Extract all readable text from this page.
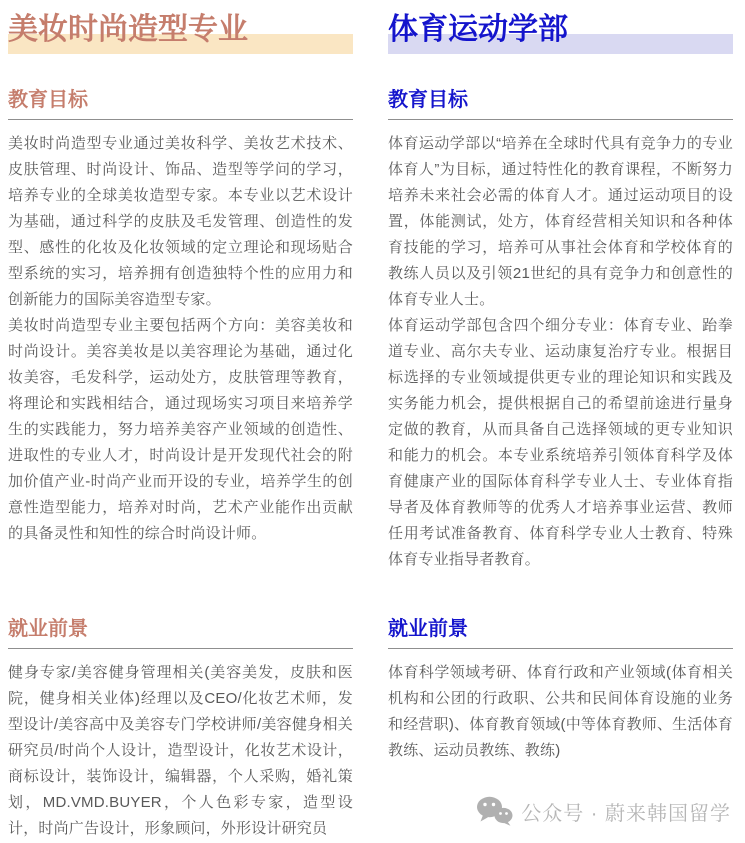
美妆时尚造型专业
教育目标

美妆时尚造型专业通过美妆科学、美妆艺术技术、皮肤管理、时尚设计、饰品、造型等学问的学习，培养专业的全球美妆造型专家。本专业以艺术设计为基础，通过科学的皮肤及毛发管理、创造性的发型、感性的化妆及化妆领域的定立理论和现场贴合型系统的实习，培养拥有创造独特个性的应用力和创新能力的国际美容造型专家。

美妆时尚造型专业主要包括两个方向：美容美妆和时尚设计。美容美妆是以美容理论为基础，通过化妆美容，毛发科学，运动处方，皮肤管理等教育，将理论和实践相结合，通过现场实习项目来培养学生的实践能力，努力培养美容产业领域的创造性、进取性的专业人才，时尚设计是开发现代社会的附加价值产业-时尚产业而开设的专业，培养学生的创意性造型能力，培养对时尚，艺术产业能作出贡献的具备灵性和知性的综合时尚设计师。

体育运动学部
教育目标

体育运动学部以“培养在全球时代具有竞争力的专业体育人”为目标，通过特性化的教育课程，不断努力培养未来社会必需的体育人才。通过运动项目的设置，体能测试，处方，体育经营相关知识和各种体育技能的学习，培养可从事社会体育和学校体育的教练人员以及引领21世纪的具有竞争力和创意性的体育专业人士。

体育运动学部包含四个细分专业：体育专业、跆拳道专业、高尔夫专业、运动康复治疗专业。根据目标选择的专业领域提供更专业的理论知识和实践及实务能力机会，提供根据自己的希望前途进行量身定做的教育，从而具备自己选择领域的更专业知识和能力的机会。本专业系统培养引领体育科学及体育健康产业的国际体育科学专业人士、专业体育指导者及体育教师等的优秀人才培养事业运营、教师任用考试准备教育、体育科学专业人士教育、特殊体育专业指导者教育。

就业前景

健身专家/美容健身管理相关(美容美发，皮肤和医院，健身相关业体)经理以及CEO/化妆艺术师，发型设计/美容高中及美容专门学校讲师/美容健身相关研究员/时尚个人设计，造型设计，化妆艺术设计，商标设计，装饰设计，编辑器，个人采购，婚礼策划，MD.VMD.BUYER，个人色彩专家，造型设计，时尚广告设计，形象顾问，外形设计研究员

就业前景

体育科学领域考研、体育行政和产业领域(体育相关机构和公团的行政职、公共和民间体育设施的业务和经营职)、体育教育领域(中等体育教师、生活体育教练、运动员教练、教练)

公众号 · 蔚来韩国留学
